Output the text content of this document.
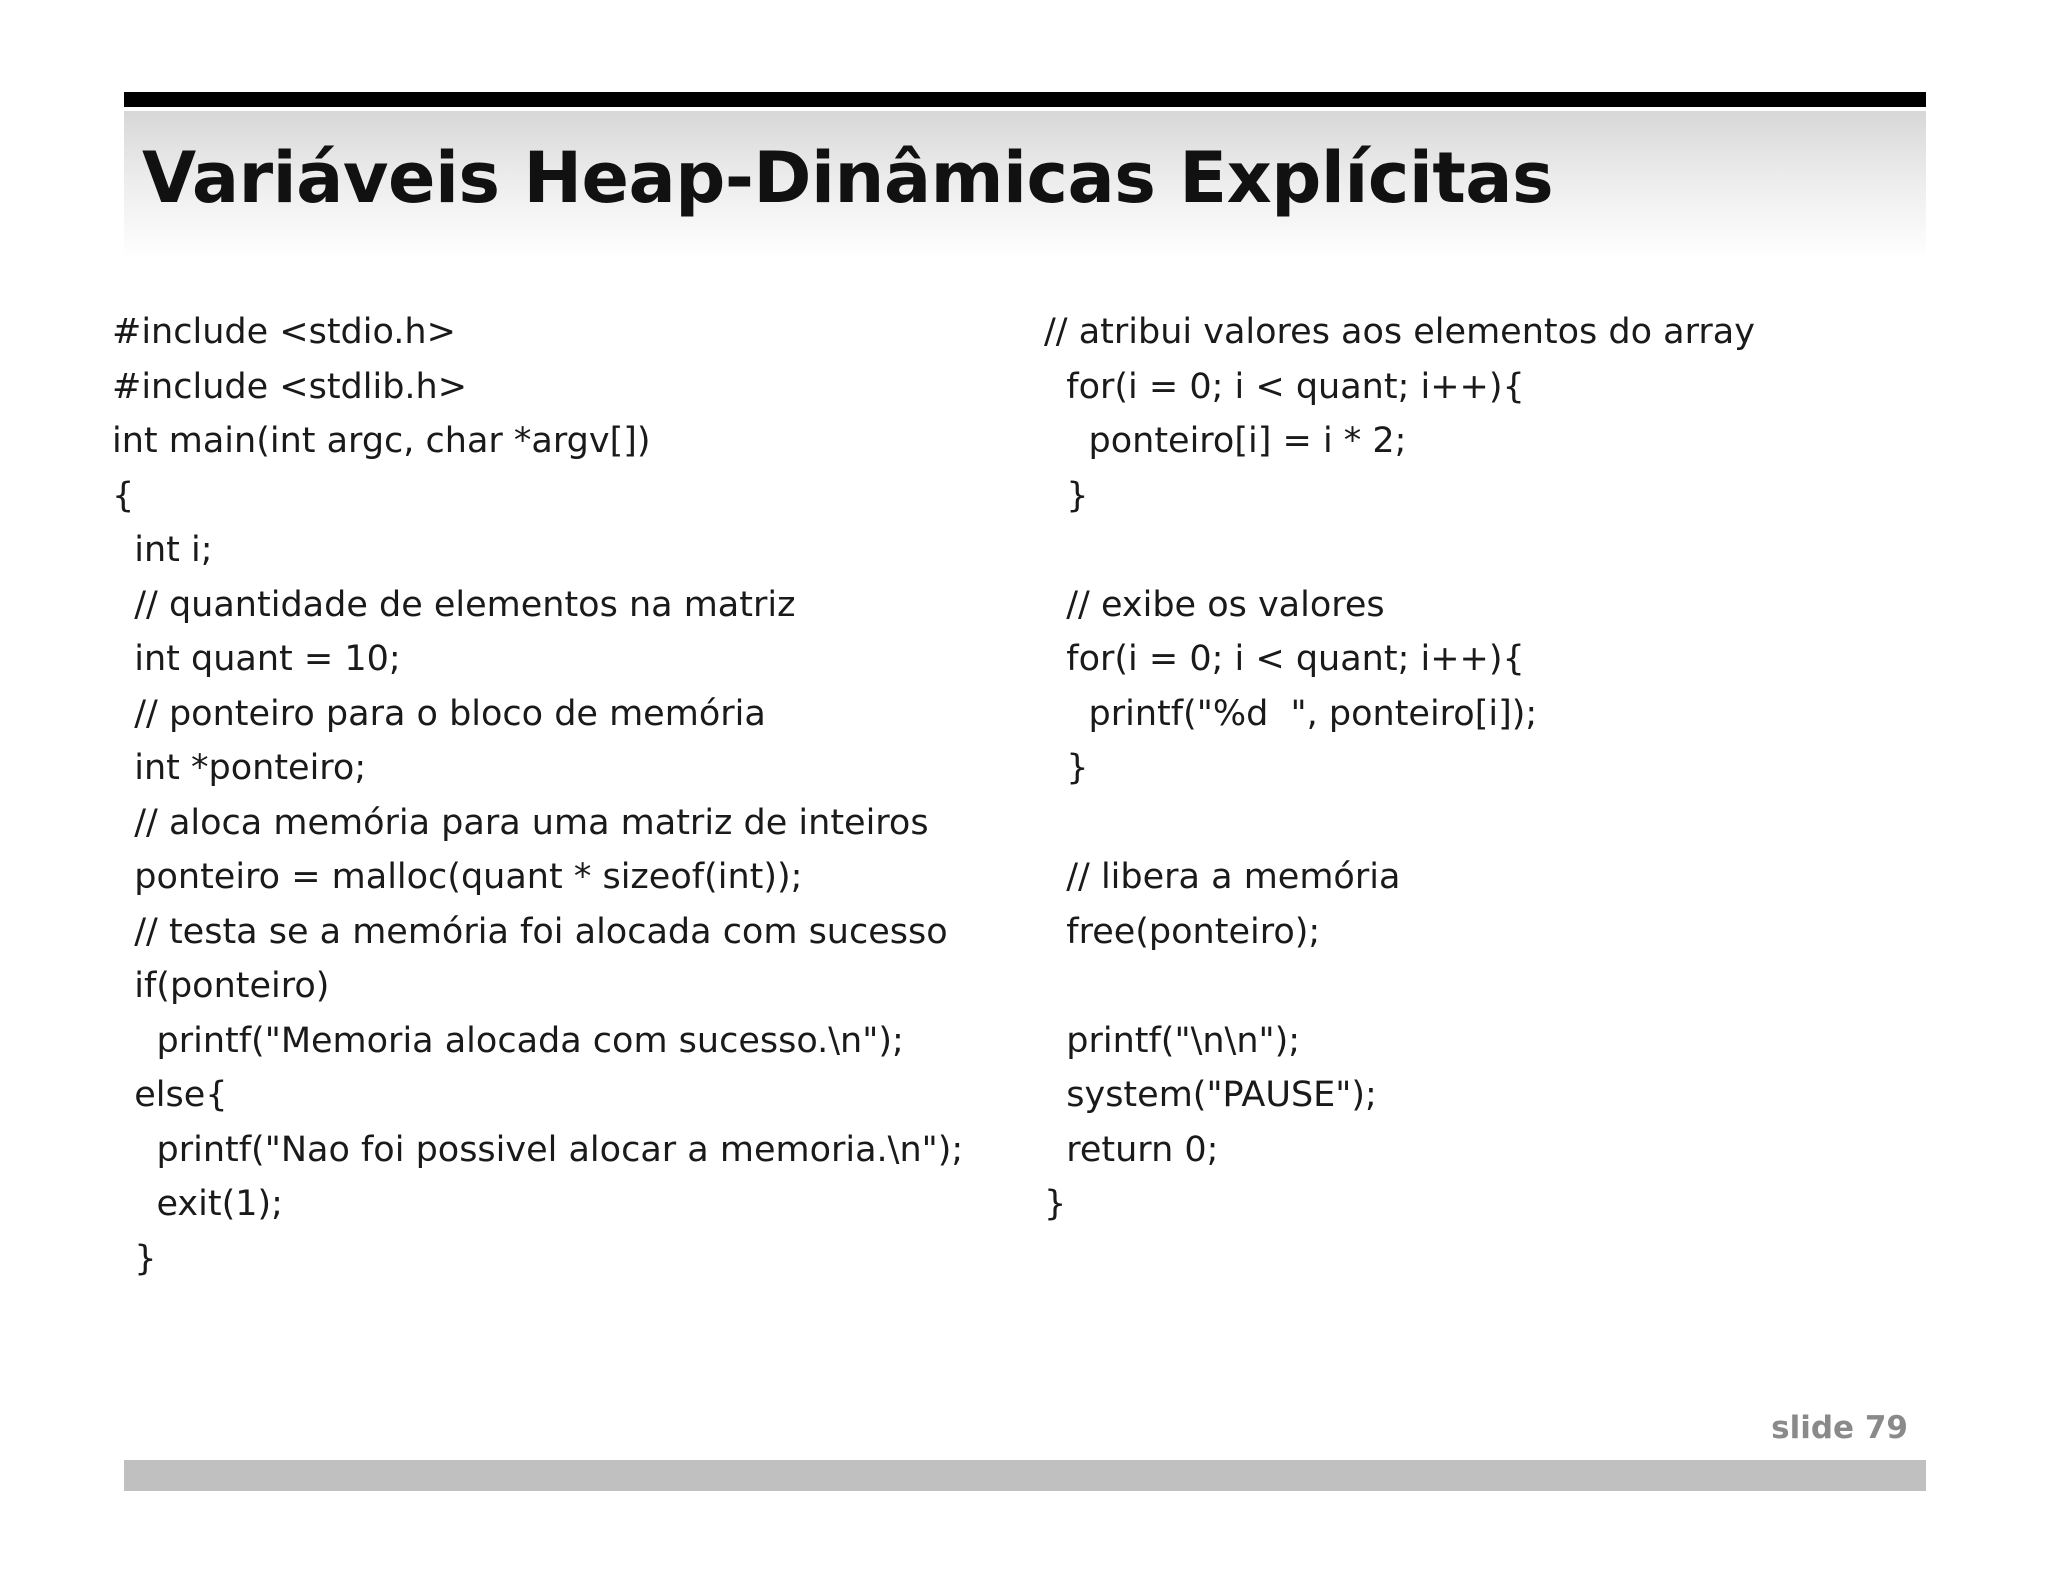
Variáveis Heap-Dinâmicas Explícitas
#include <stdio.h>
#include <stdlib.h>
int main(int argc, char *argv[])
{
int i;
// quantidade de elementos na matriz
int quant = 10;
// ponteiro para o bloco de memória
int *ponteiro;
// aloca memória para uma matriz de inteiros
ponteiro = malloc(quant * sizeof(int));
// testa se a memória foi alocada com sucesso
if(ponteiro)
printf("Memoria alocada com sucesso.\n");
else{
printf("Nao foi possivel alocar a memoria.\n");
exit(1);
}
// atribui valores aos elementos do array
for(i = 0; i < quant; i++){
ponteiro[i] = i * 2;
}
// exibe os valores
for(i = 0; i < quant; i++){
printf("%d  ", ponteiro[i]);
}
// libera a memória
free(ponteiro);
printf("\n\n");
system("PAUSE");
return 0;
}
slide 79
